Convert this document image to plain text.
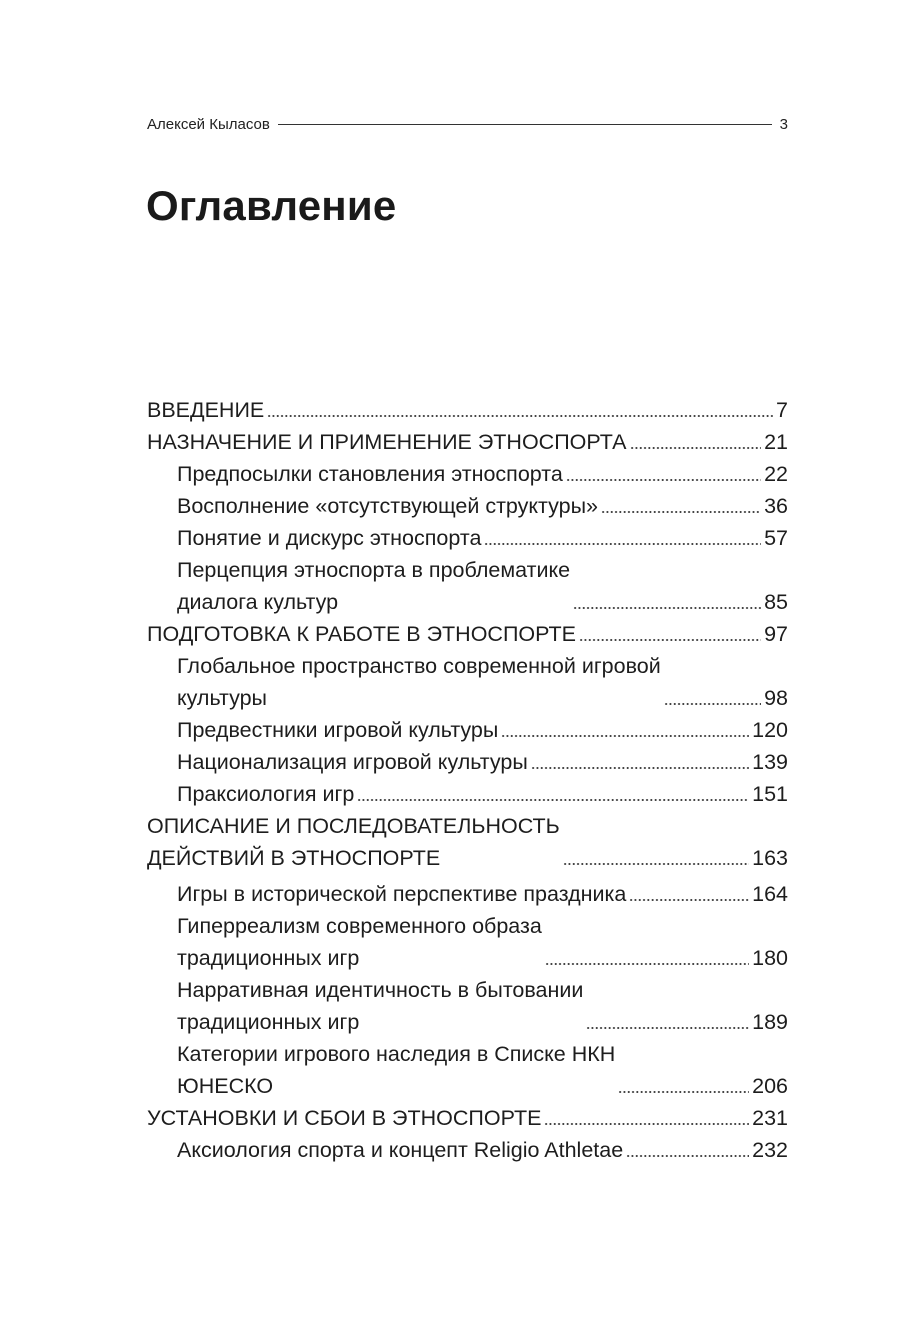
Алексей Кыласов	3
Оглавление
ВВЕДЕНИЕ	7
НАЗНАЧЕНИЕ И ПРИМЕНЕНИЕ ЭТНОСПОРТА	21
Предпосылки становления этноспорта	22
Восполнение «отсутствующей структуры»	36
Понятие и дискурс этноспорта	57
Перцепция этноспорта в проблематике
диалога культур	85
ПОДГОТОВКА К РАБОТЕ В ЭТНОСПОРТЕ	97
Глобальное пространство современной игровой
культуры	98
Предвестники игровой культуры	120
Национализация игровой культуры	139
Праксиология игр	151
ОПИСАНИЕ И ПОСЛЕДОВАТЕЛЬНОСТЬ
ДЕЙСТВИЙ В ЭТНОСПОРТЕ	163
Игры в исторической перспективе праздника	164
Гиперреализм современного образа
традиционных игр	180
Нарративная идентичность в бытовании
традиционных игр	189
Категории игрового наследия в Списке НКН
ЮНЕСКО	206
УСТАНОВКИ И СБОИ В ЭТНОСПОРТЕ	231
Аксиология спорта и концепт Religio Athletae	232
